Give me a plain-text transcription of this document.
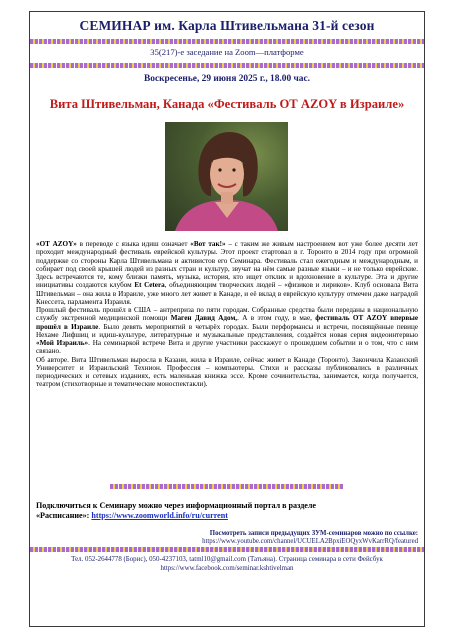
СЕМИНАР им. Карла Штивельмана 31-й сезон
35(217)-е заседание на Zoom—платформе
Воскресенье, 29 июня 2025 г., 18.00 час.
Вита Штивельман, Канада «Фестиваль ОТ AZOY в Израиле»

«ОТ AZOY» в переводе с языка идиш означает «Вот так!» – с таким же живым настроением вот уже более десяти лет проходит международный фестиваль еврейской культуры. Этот проект стартовал в г. Торонто в 2014 году при огромной поддержке со стороны Карла Штивельмана и активистов его Семинара. Фестиваль стал ежегодным и международным, и собирает под своей крышей людей из разных стран и культур, звучат на нём самые разные языки – и не только еврейские. Здесь встречаются те, кому близки память, музыка, история, кто ищет отклик и вдохновение в культуре. Эта и другие инициативы создаются клубом Et Cetera, объединяющим творческих людей – «физиков и лириков». Клуб основала Вита Штивельман – она жила в Израиле, уже много лет живет в Канаде, и её вклад в еврейскую культуру отмечен даже наградой Кнессета, парламента Израиля.

Прошлый фестиваль прошёл в США – антреприза по пяти городам. Собранные средства были переданы в национальную службу экстренной медицинской помощи Маген Давид Адом,. А в этом году, в мае, фестиваль ОТ AZOY впервые прошёл в Израиле. Было девять мероприятий в четырёх городах. Были перформансы и встречи, посвящённые певице Нехаме Лифшиц и идиш-культуре, литературные и музыкальные представления, создаётся новая серия видеоинтервью «Мой Израиль». На семинаркой встрече Вита и другие участники расскажут о прошедшем событии и о том, что с ним связано.

Об авторе. Вита Штивельман выросла в Казани, жила в Израиле, сейчас живет в Канаде (Торонто). Закончила Казанский Университет и Израильский Технион. Профессия – компьютеры. Стихи и рассказы публиковались в различных периодических и сетевых изданиях, есть маленькая книжка эссе. Кроме сочинительства, занимается, когда получается, театром (стихотворные и тематические моноспектакли).

Подключиться к Семинару можно через информационный портал в разделе
«Расписание»: https://www.zoomworld.info/ru/current
Посмотреть записи предыдущих ЗУМ-семинаров можно по ссылке:
https://www.youtube.com/channel/UCUELA2BpxiEOQyxWvKarrRQ/featured
Тел. 052-2644778 (Борис), 050-4237103, tatml10@gmail.com (Татьяна). Страница семинара в сети Фейсбук
https://www.facebook.com/seminar.kshtivelman
